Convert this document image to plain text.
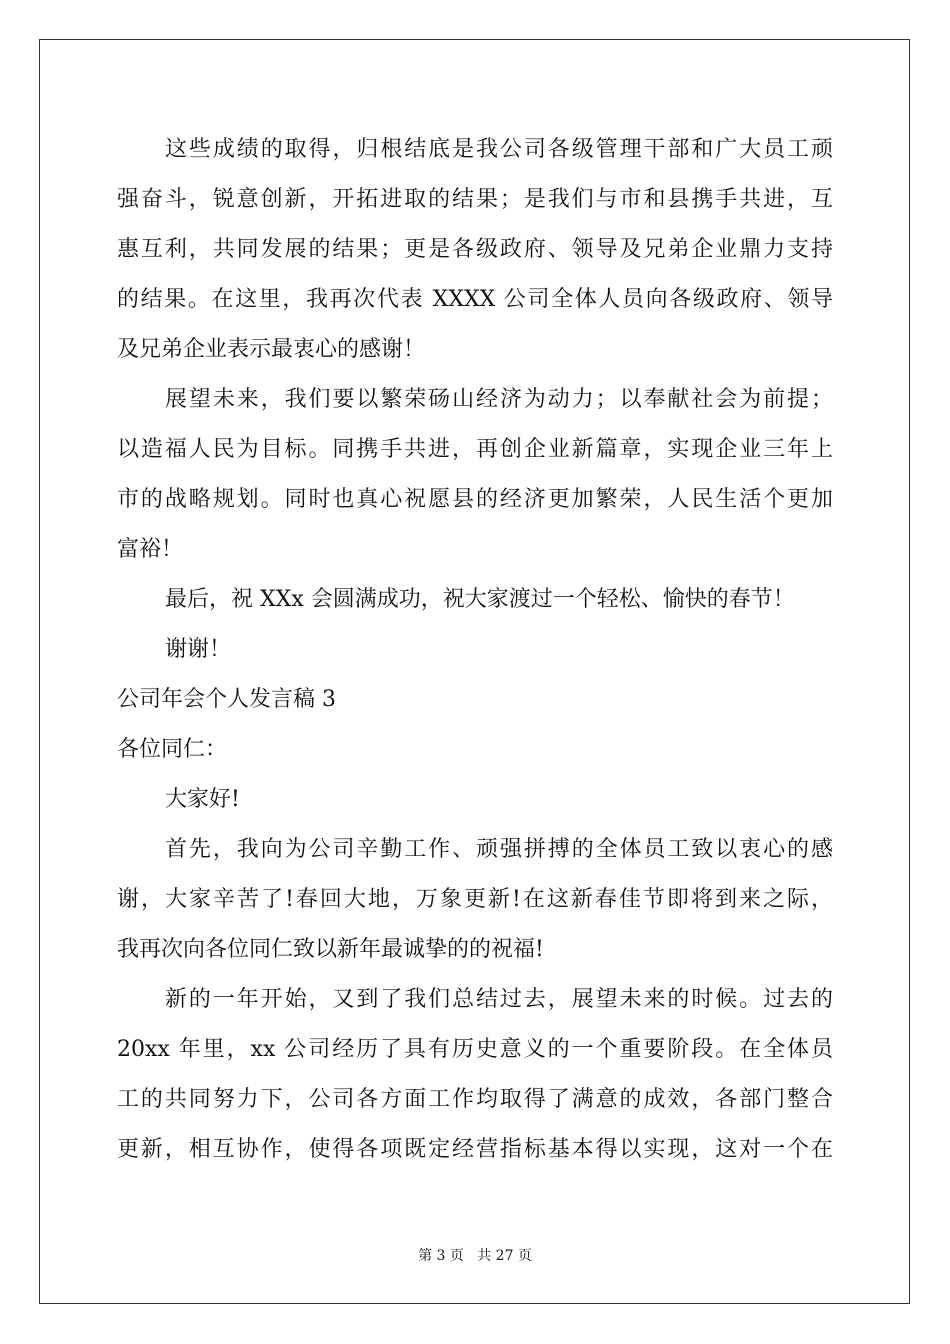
这些成绩的取得，归根结底是我公司各级管理干部和广大员工顽
强奋斗，锐意创新，开拓进取的结果；是我们与市和县携手共进，互
惠互利，共同发展的结果；更是各级政府、领导及兄弟企业鼎力支持
的结果。在这里，我再次代表 XXXX 公司全体人员向各级政府、领导
及兄弟企业表示最衷心的感谢！
展望未来，我们要以繁荣砀山经济为动力；以奉献社会为前提；
以造福人民为目标。同携手共进，再创企业新篇章，实现企业三年上
市的战略规划。同时也真心祝愿县的经济更加繁荣，人民生活个更加
富裕！
最后，祝 XXx 会圆满成功，祝大家渡过一个轻松、愉快的春节！
谢谢！
公司年会个人发言稿 3
各位同仁：
大家好!
首先，我向为公司辛勤工作、顽强拼搏的全体员工致以衷心的感
谢，大家辛苦了!春回大地，万象更新!在这新春佳节即将到来之际，
我再次向各位同仁致以新年最诚挚的的祝福!
新的一年开始，又到了我们总结过去，展望未来的时候。过去的
20xx 年里，xx 公司经历了具有历史意义的一个重要阶段。在全体员
工的共同努力下，公司各方面工作均取得了满意的成效，各部门整合
更新，相互协作，使得各项既定经营指标基本得以实现，这对一个在
第 3 页   共 27 页
